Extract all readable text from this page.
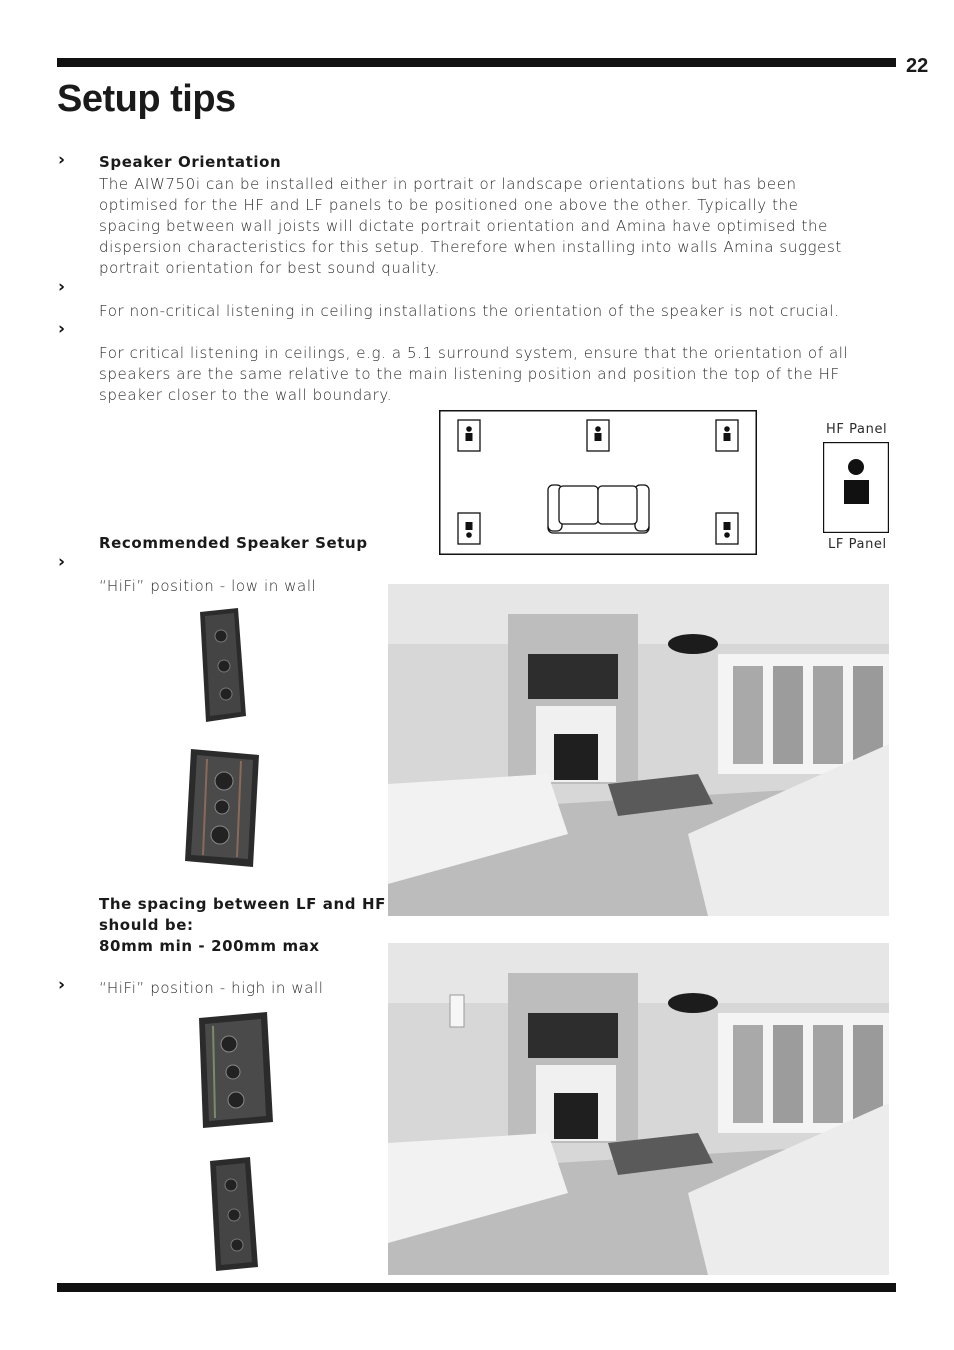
22
Setup tips
›
›
›
›
›
Speaker Orientation
The AIW750i can be installed either in portrait or landscape orientations but has been
optimised for the HF and LF panels to be positioned one above the other. Typically the
spacing between wall joists will dictate portrait orientation and Amina have optimised the
dispersion characteristics for this setup. Therefore when installing into walls Amina suggest
portrait orientation for best sound quality.
For non-critical listening in ceiling installations the orientation of the speaker is not crucial.
For critical listening in ceilings, e.g. a 5.1 surround system, ensure that the orientation of all
speakers are the same relative to the main listening position and position the top of the HF
speaker closer to the wall boundary.
HF Panel
LF Panel
Recommended Speaker Setup
“HiFi” position - low in wall
The spacing between LF and HF
should be:
80mm min - 200mm max
“HiFi” position - high in wall
